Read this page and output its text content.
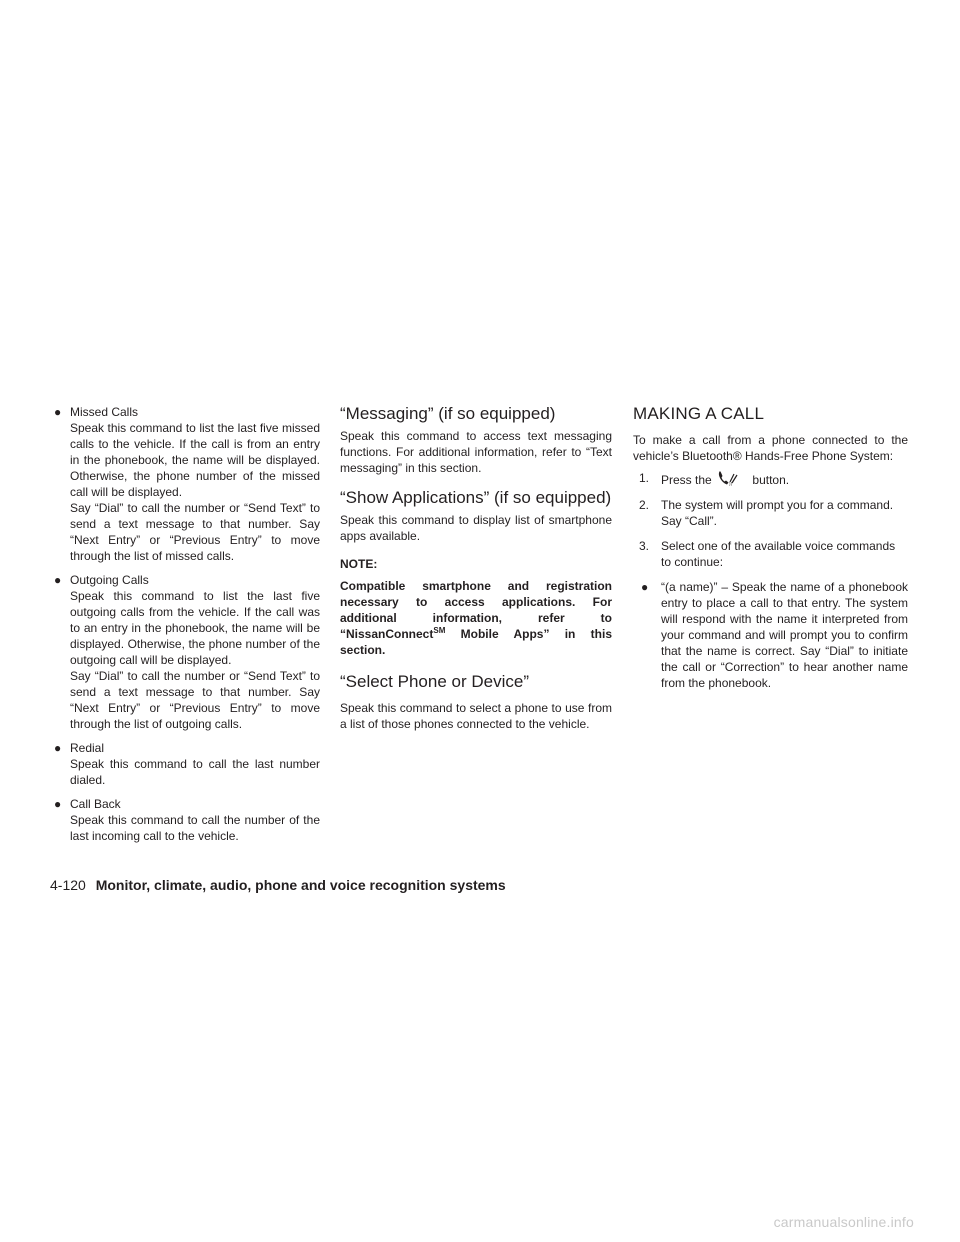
● Missed Calls
Speak this command to list the last five missed calls to the vehicle. If the call is from an entry in the phonebook, the name will be displayed. Otherwise, the phone number of the missed call will be displayed.
Say “Dial” to call the number or “Send Text” to send a text message to that number. Say “Next Entry” or “Previous Entry” to move through the list of missed calls.
● Outgoing Calls
Speak this command to list the last five outgoing calls from the vehicle. If the call was to an entry in the phonebook, the name will be displayed. Otherwise, the phone number of the outgoing call will be displayed.
Say “Dial” to call the number or “Send Text” to send a text message to that number. Say “Next Entry” or “Previous Entry” to move through the list of outgoing calls.
● Redial
Speak this command to call the last number dialed.
● Call Back
Speak this command to call the number of the last incoming call to the vehicle.
“Messaging” (if so equipped)

Speak this command to access text messaging functions. For additional information, refer to “Text messaging” in this section.

“Show Applications” (if so equipped)

Speak this command to display list of smartphone apps available.

NOTE:
Compatible smartphone and registration necessary to access applications. For additional information, refer to “NissanConnect℠ Mobile Apps” in this section.
“Select Phone or Device”

Speak this command to select a phone to use from a list of those phones connected to the vehicle.

MAKING A CALL

To make a call from a phone connected to the vehicle’s Bluetooth® Hands-Free Phone System:

1. Press the	)) button.
2. The system will prompt you for a command. Say “Call”.
3. Select one of the available voice commands to continue:
● “(a name)” – Speak the name of a phonebook entry to place a call to that entry. The system will respond with the name it interpreted from your command and will prompt you to confirm that the name is correct. Say “Dial” to initiate the call or “Correction” to hear another name from the phonebook.
4-120 Monitor, climate, audio, phone and voice recognition systems
carmanualsonline.info
